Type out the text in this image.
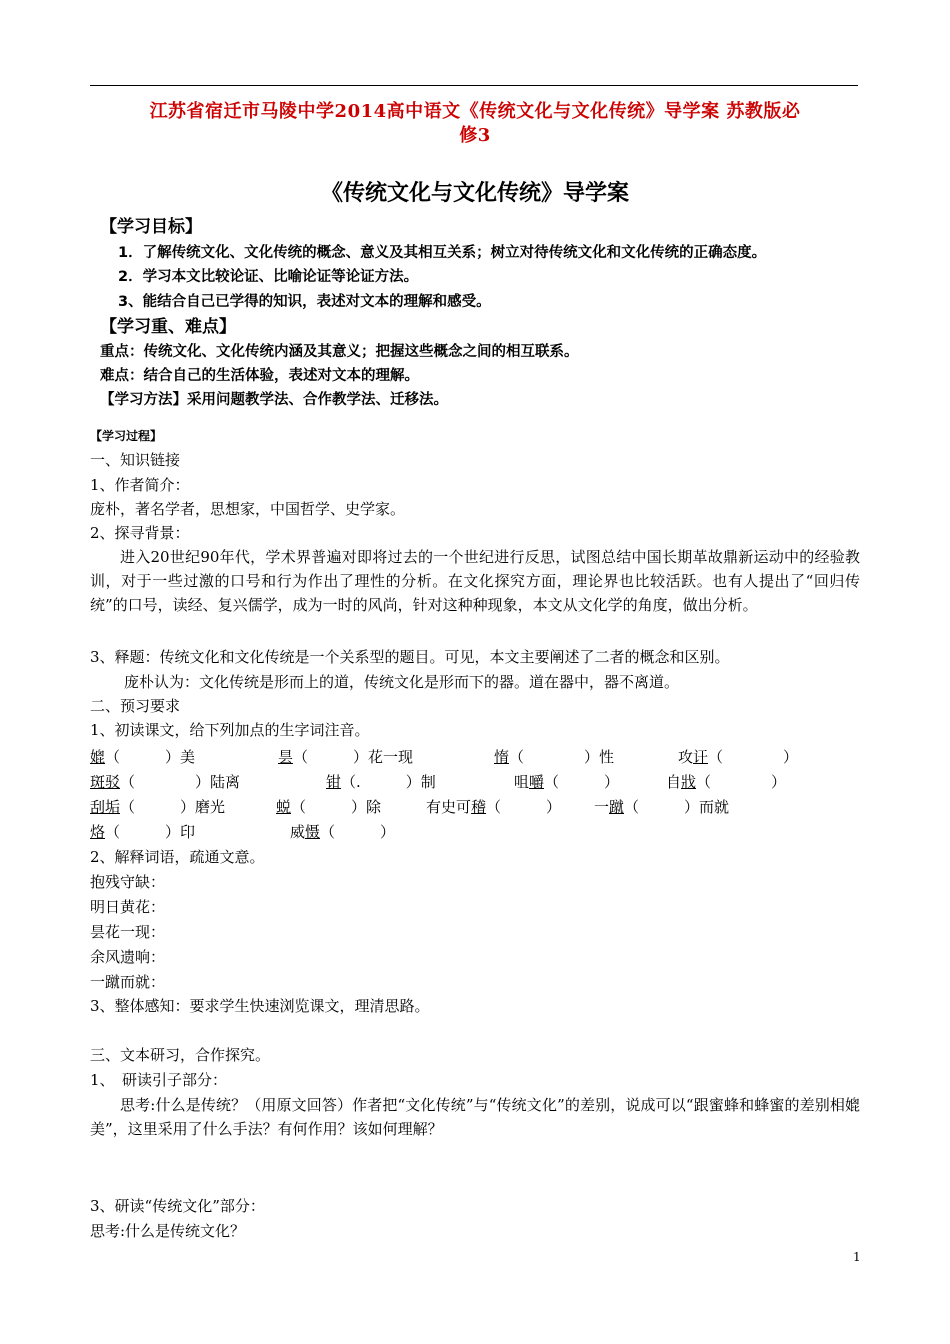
江苏省宿迁市马陵中学2014高中语文《传统文化与文化传统》导学案 苏教版必
修3
《传统文化与文化传统》导学案
【学习目标】
1．了解传统文化、文化传统的概念、意义及其相互关系；树立对待传统文化和文化传统的正确态度。
2．学习本文比较论证、比喻论证等论证方法。
3、能结合自己已学得的知识，表述对文本的理解和感受。
【学习重、难点】
重点：传统文化、文化传统内涵及其意义；把握这些概念之间的相互联系。
难点：结合自己的生活体验，表述对文本的理解。
【学习方法】采用问题教学法、合作教学法、迁移法。
【学习过程】
一、知识链接
1、作者简介：
庞朴，著名学者，思想家，中国哲学、史学家。
2、探寻背景：
进入20世纪90年代，学术界普遍对即将过去的一个世纪进行反思，试图总结中国长期革故鼎新运动中的经验教训，对于一些过激的口号和行为作出了理性的分析。在文化探究方面，理论界也比较活跃。也有人提出了“回归传统”的口号，读经、复兴儒学，成为一时的风尚，针对这种种现象，本文从文化学的角度，做出分析。
3、释题：传统文化和文化传统是一个关系型的题目。可见，本文主要阐述了二者的概念和区别。
庞朴认为：文化传统是形而上的道，传统文化是形而下的器。道在器中，器不离道。
二、预习要求
1、初读课文，给下列加点的生字词注音。
媲（　　　）美	昙（　　　）花一现	惰（　　　　）性	攻讦（　　　　）
斑驳（　　　　）陆离	钳（.　　　）制	咀嚼（　　　）	自戕（　　　　）
刮垢（　　　）磨光	蜕（　　　）除	有史可稽（　　　） 一蹴（　　　）而就
烙（　　　）印	威慑（　　　）
2、解释词语，疏通文意。
抱残守缺：
明日黄花：
昙花一现：
余风遗响：
一蹴而就：
3、整体感知：要求学生快速浏览课文，理清思路。
三、文本研习，合作探究。
1、　研读引子部分：
思考:什么是传统？（用原文回答）作者把“文化传统”与“传统文化”的差别，说成可以“跟蜜蜂和蜂蜜的差别相媲美”，这里采用了什么手法？有何作用？该如何理解？
3、研读“传统文化”部分：
思考:什么是传统文化？
1
